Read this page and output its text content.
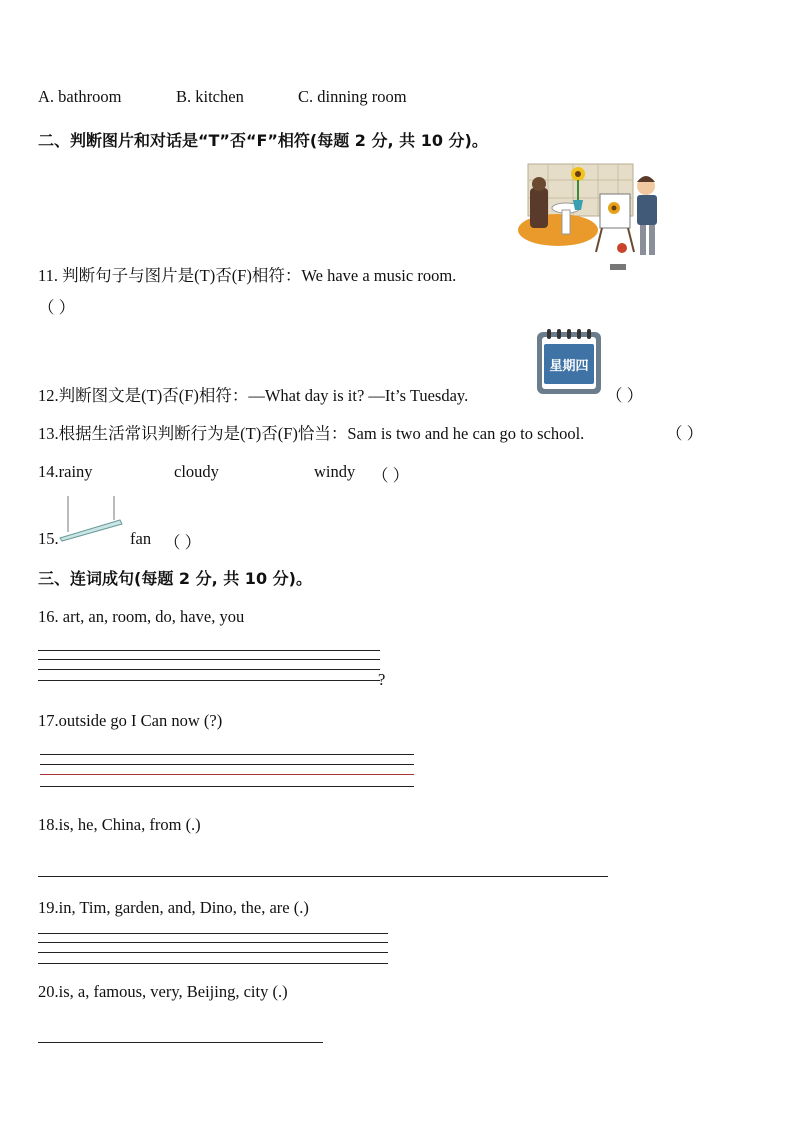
A. bathroom	B. kitchen	C. dinning room
二、判断图片和对话是“T”否“F”相符(每题 2 分, 共 10 分)。
11. 判断句子与图片是(T)否(F)相符：We have a music room.
（ ）
星期四
12.判断图文是(T)否(F)相符：—What day is it? —It’s Tuesday.	（ ）
13.根据生活常识判断行为是(T)否(F)恰当：Sam is two and he can go to school.	（ ）
14.rainy	cloudy	windy （ ）
15.	fan （ ）
三、连词成句(每题 2 分, 共 10 分)。
16. art, an, room, do, have, you
?
17.outside go I Can now (?)
18.is, he, China, from (.)
19.in, Tim, garden, and, Dino, the, are (.)
20.is, a, famous, very, Beijing, city (.)
